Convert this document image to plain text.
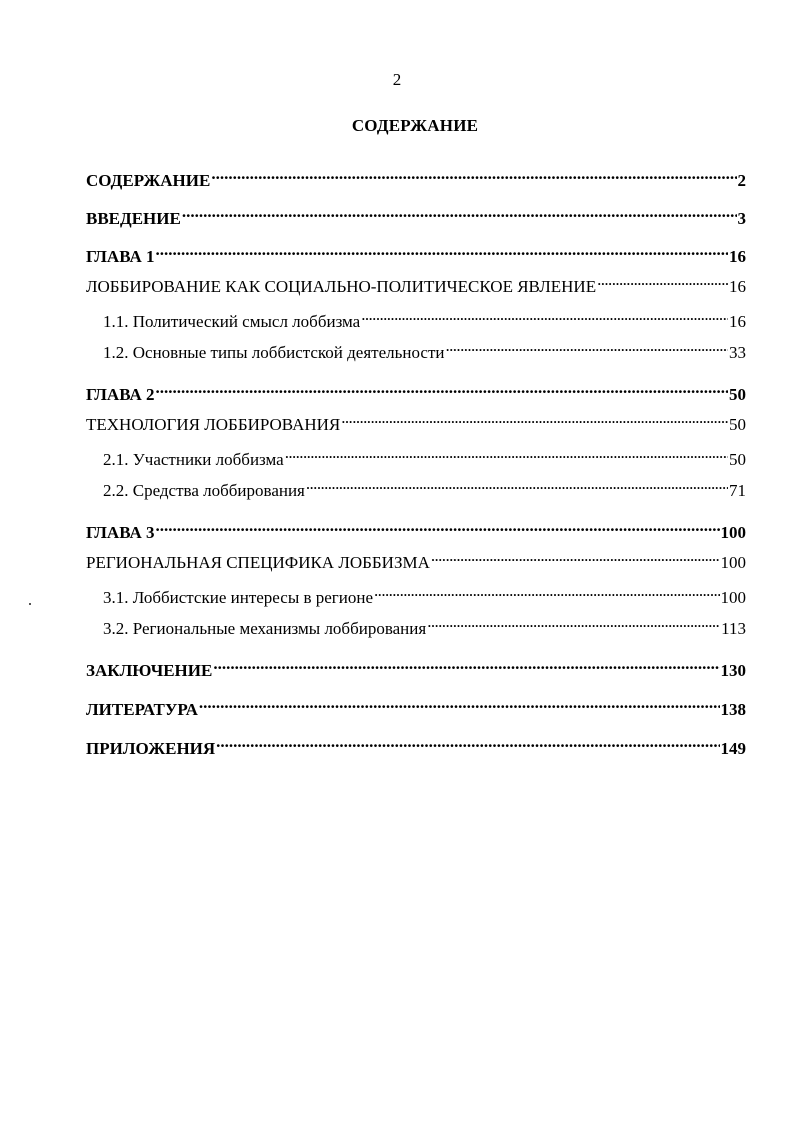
2
СОДЕРЖАНИЕ
СОДЕРЖАНИЕ .....	2
ВВЕДЕНИЕ .....	3
ГЛАВА 1 .....	16
ЛОББИРОВАНИЕ КАК СОЦИАЛЬНО-ПОЛИТИЧЕСКОЕ ЯВЛЕНИЕ .....	16
1.1. Политический смысл лоббизма .....	16
1.2. Основные типы лоббистской деятельности .....	33
ГЛАВА 2 .....	50
ТЕХНОЛОГИЯ ЛОББИРОВАНИЯ .....	50
2.1. Участники лоббизма .....	50
2.2. Средства лоббирования .....	71
ГЛАВА 3 .....	100
РЕГИОНАЛЬНАЯ СПЕЦИФИКА ЛОББИЗМА .....	100
3.1. Лоббистские интересы в регионе .....	100
3.2. Региональные механизмы лоббирования .....	113
ЗАКЛЮЧЕНИЕ .....	130
ЛИТЕРАТУРА .....	138
ПРИЛОЖЕНИЯ .....	149
